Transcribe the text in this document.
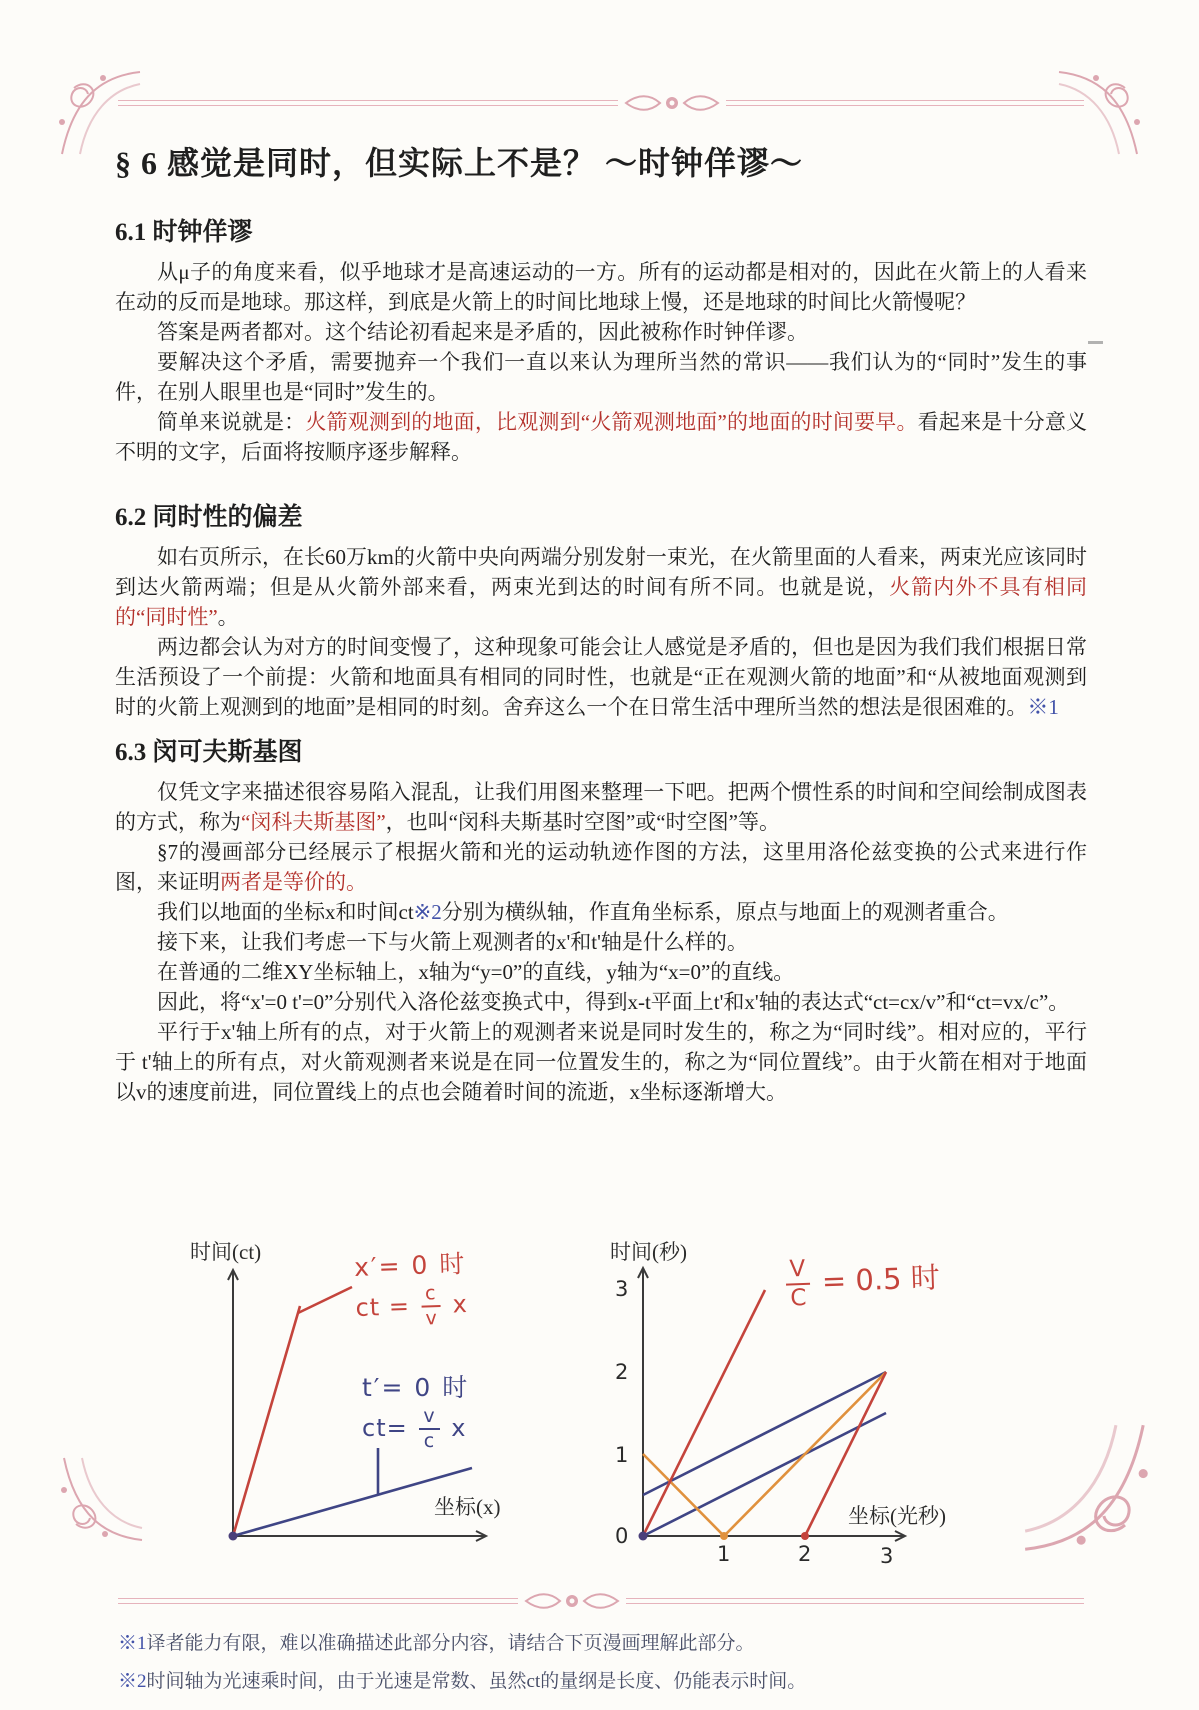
§ 6 感觉是同时，但实际上不是？ ～时钟佯谬～
6.1 时钟佯谬

从μ子的角度来看，似乎地球才是高速运动的一方。所有的运动都是相对的，因此在火箭上的人看来在动的反而是地球。那这样，到底是火箭上的时间比地球上慢，还是地球的时间比火箭慢呢？

答案是两者都对。这个结论初看起来是矛盾的，因此被称作时钟佯谬。

要解决这个矛盾，需要抛弃一个我们一直以来认为理所当然的常识——我们认为的“同时”发生的事件，在别人眼里也是“同时”发生的。

简单来说就是：火箭观测到的地面，比观测到“火箭观测地面”的地面的时间要早。看起来是十分意义不明的文字，后面将按顺序逐步解释。

6.2 同时性的偏差

如右页所示，在长60万km的火箭中央向两端分别发射一束光，在火箭里面的人看来，两束光应该同时到达火箭两端；但是从火箭外部来看，两束光到达的时间有所不同。也就是说，火箭内外不具有相同的“同时性”。

两边都会认为对方的时间变慢了，这种现象可能会让人感觉是矛盾的，但也是因为我们我们根据日常生活预设了一个前提：火箭和地面具有相同的同时性，也就是“正在观测火箭的地面”和“从被地面观测到时的火箭上观测到的地面”是相同的时刻。舍弃这么一个在日常生活中理所当然的想法是很困难的。※1

6.3 闵可夫斯基图

仅凭文字来描述很容易陷入混乱，让我们用图来整理一下吧。把两个惯性系的时间和空间绘制成图表的方式，称为“闵科夫斯基图”，也叫“闵科夫斯基时空图”或“时空图”等。

§7的漫画部分已经展示了根据火箭和光的运动轨迹作图的方法，这里用洛伦兹变换的公式来进行作图，来证明两者是等价的。

我们以地面的坐标x和时间ct※2分别为横纵轴，作直角坐标系，原点与地面上的观测者重合。

接下来，让我们考虑一下与火箭上观测者的x'和t'轴是什么样的。

在普通的二维XY坐标轴上，x轴为“y=0”的直线，y轴为“x=0”的直线。

因此，将“x'=0 t'=0”分别代入洛伦兹变换式中，得到x-t平面上t'和x'轴的表达式“ct=cx/v”和“ct=vx/c”。

平行于x'轴上所有的点，对于火箭上的观测者来说是同时发生的，称之为“同时线”。相对应的，平行于 t'轴上的所有点，对火箭观测者来说是在同一位置发生的，称之为“同位置线”。由于火箭在相对于地面以v的速度前进，同位置线上的点也会随着时间的流逝，x坐标逐渐增大。

时间(ct)
坐标(x)
x′= 0 时
ct = $\frac{c}{v}$ x
t′= 0 时
$ct= \frac{v}{c}$ x
时间(秒)
坐标(光秒)
3
2
1
0
1	2	3
$\frac{V}{C} = 0.5$ 时
※1译者能力有限，难以准确描述此部分内容，请结合下页漫画理解此部分。
※2时间轴为光速乘时间，由于光速是常数、虽然ct的量纲是长度、仍能表示时间。
